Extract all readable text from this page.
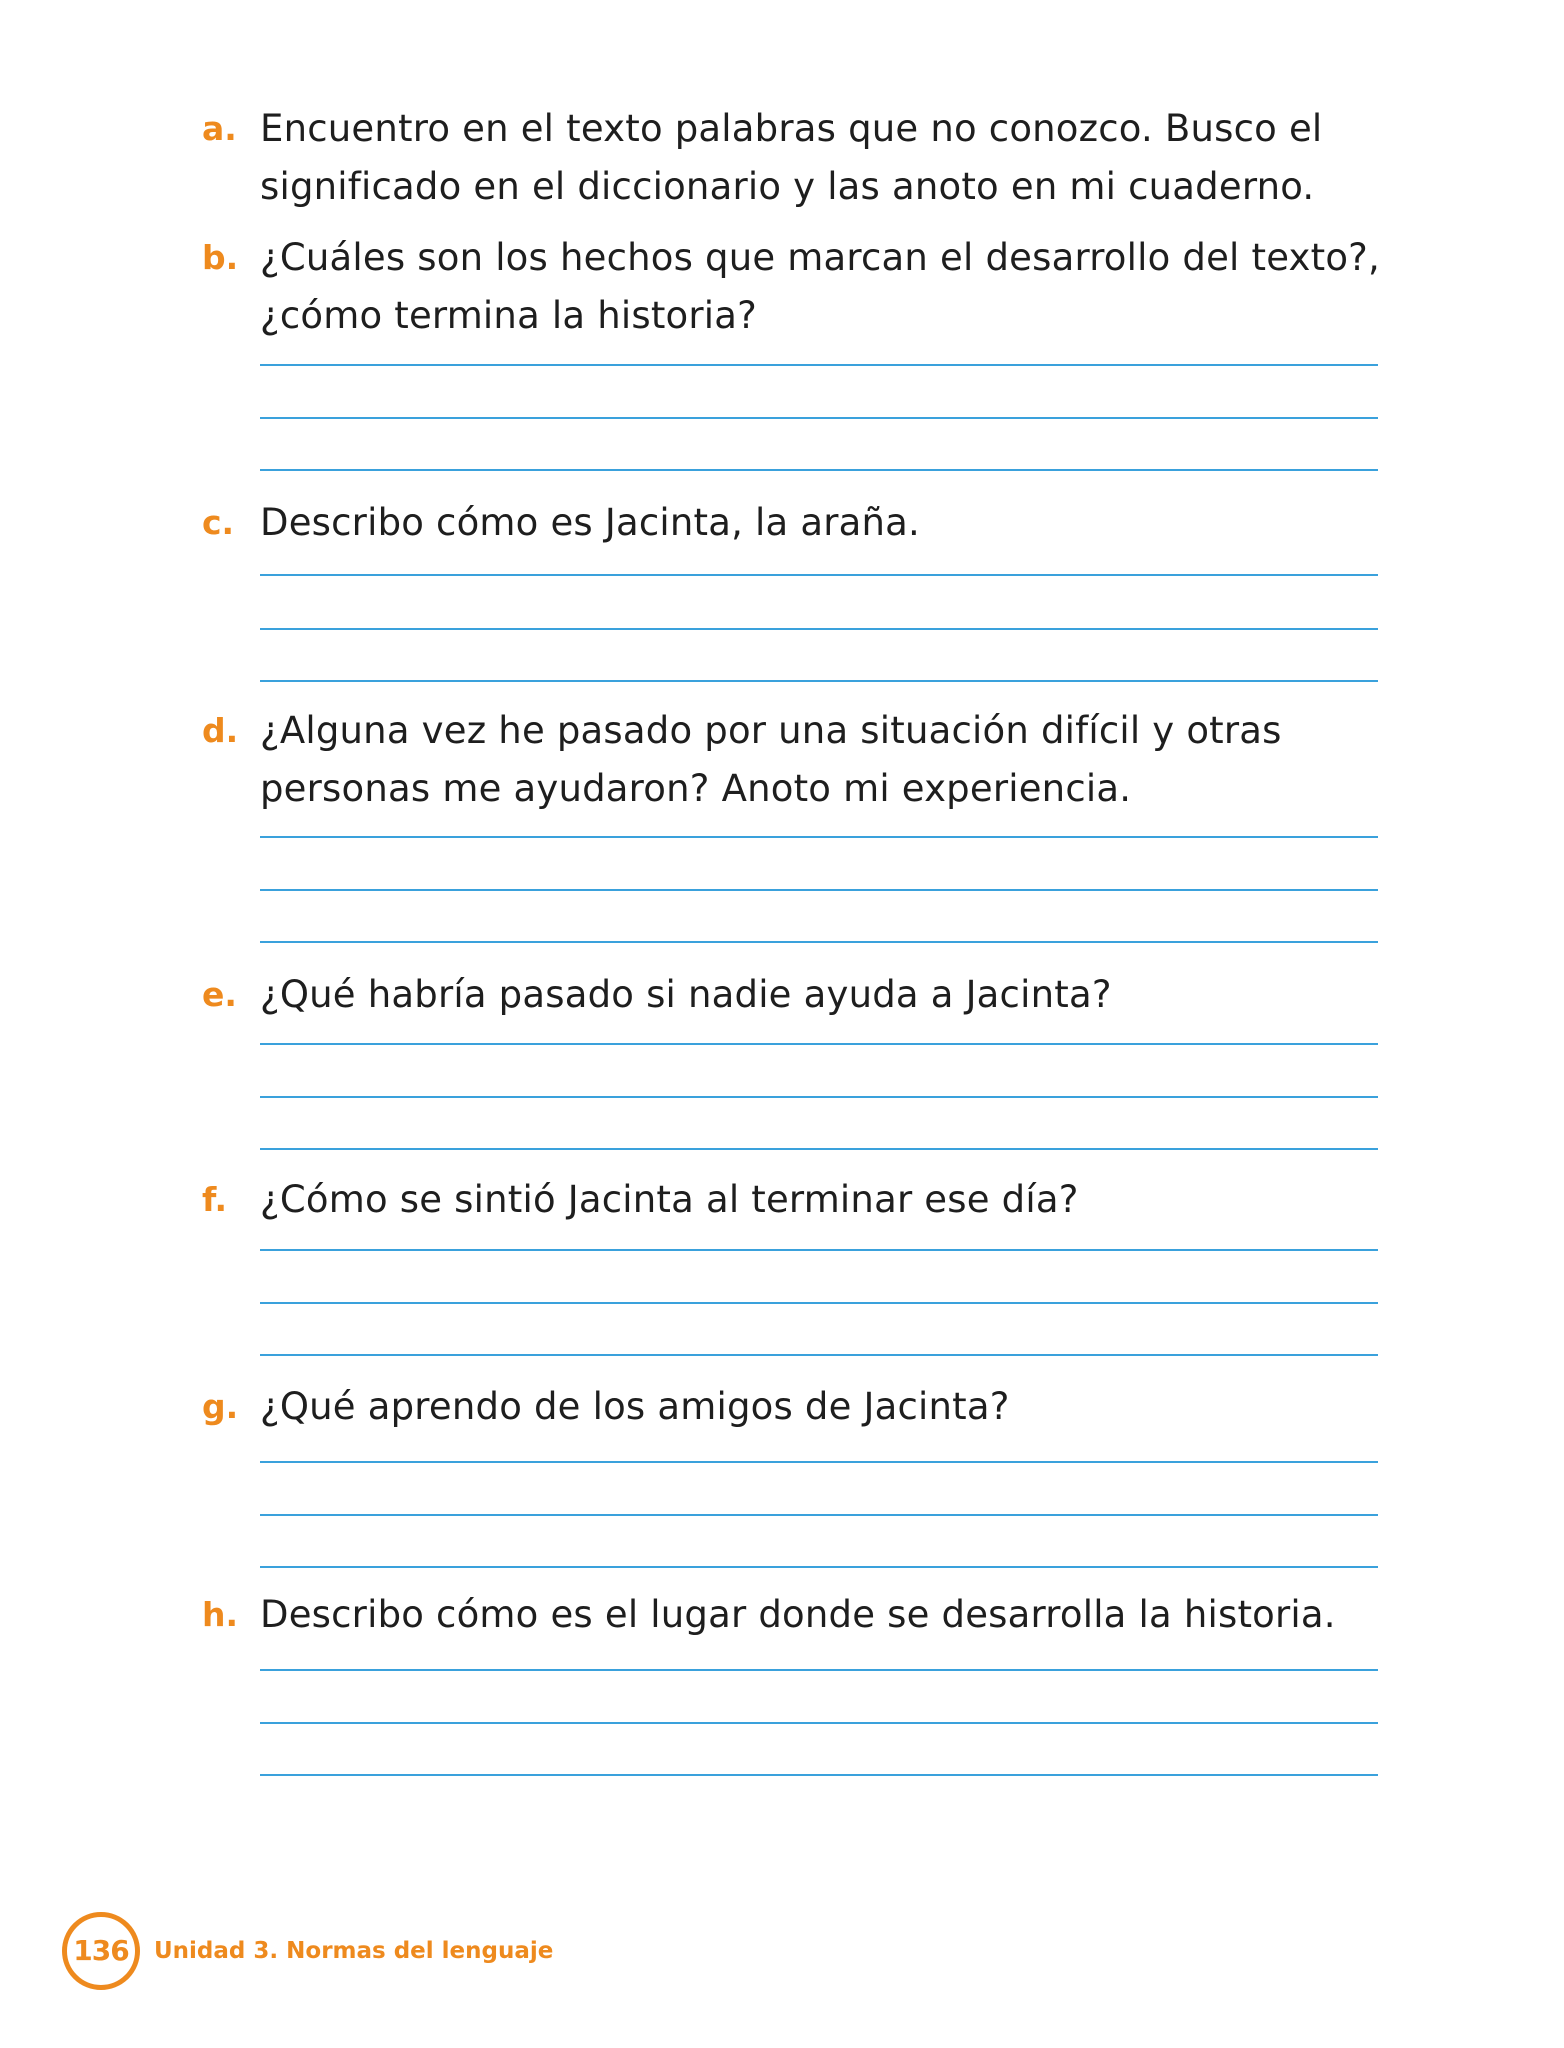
a. Encuentro en el texto palabras que no conozco. Busco el
significado en el diccionario y las anoto en mi cuaderno.
b. ¿Cuáles son los hechos que marcan el desarrollo del texto?,
¿cómo termina la historia?
c. Describo cómo es Jacinta, la araña.
d. ¿Alguna vez he pasado por una situación difícil y otras
personas me ayudaron? Anoto mi experiencia.
e. ¿Qué habría pasado si nadie ayuda a Jacinta?
f. ¿Cómo se sintió Jacinta al terminar ese día?
g. ¿Qué aprendo de los amigos de Jacinta?
h. Describo cómo es el lugar donde se desarrolla la historia.
136	Unidad 3. Normas del lenguaje
